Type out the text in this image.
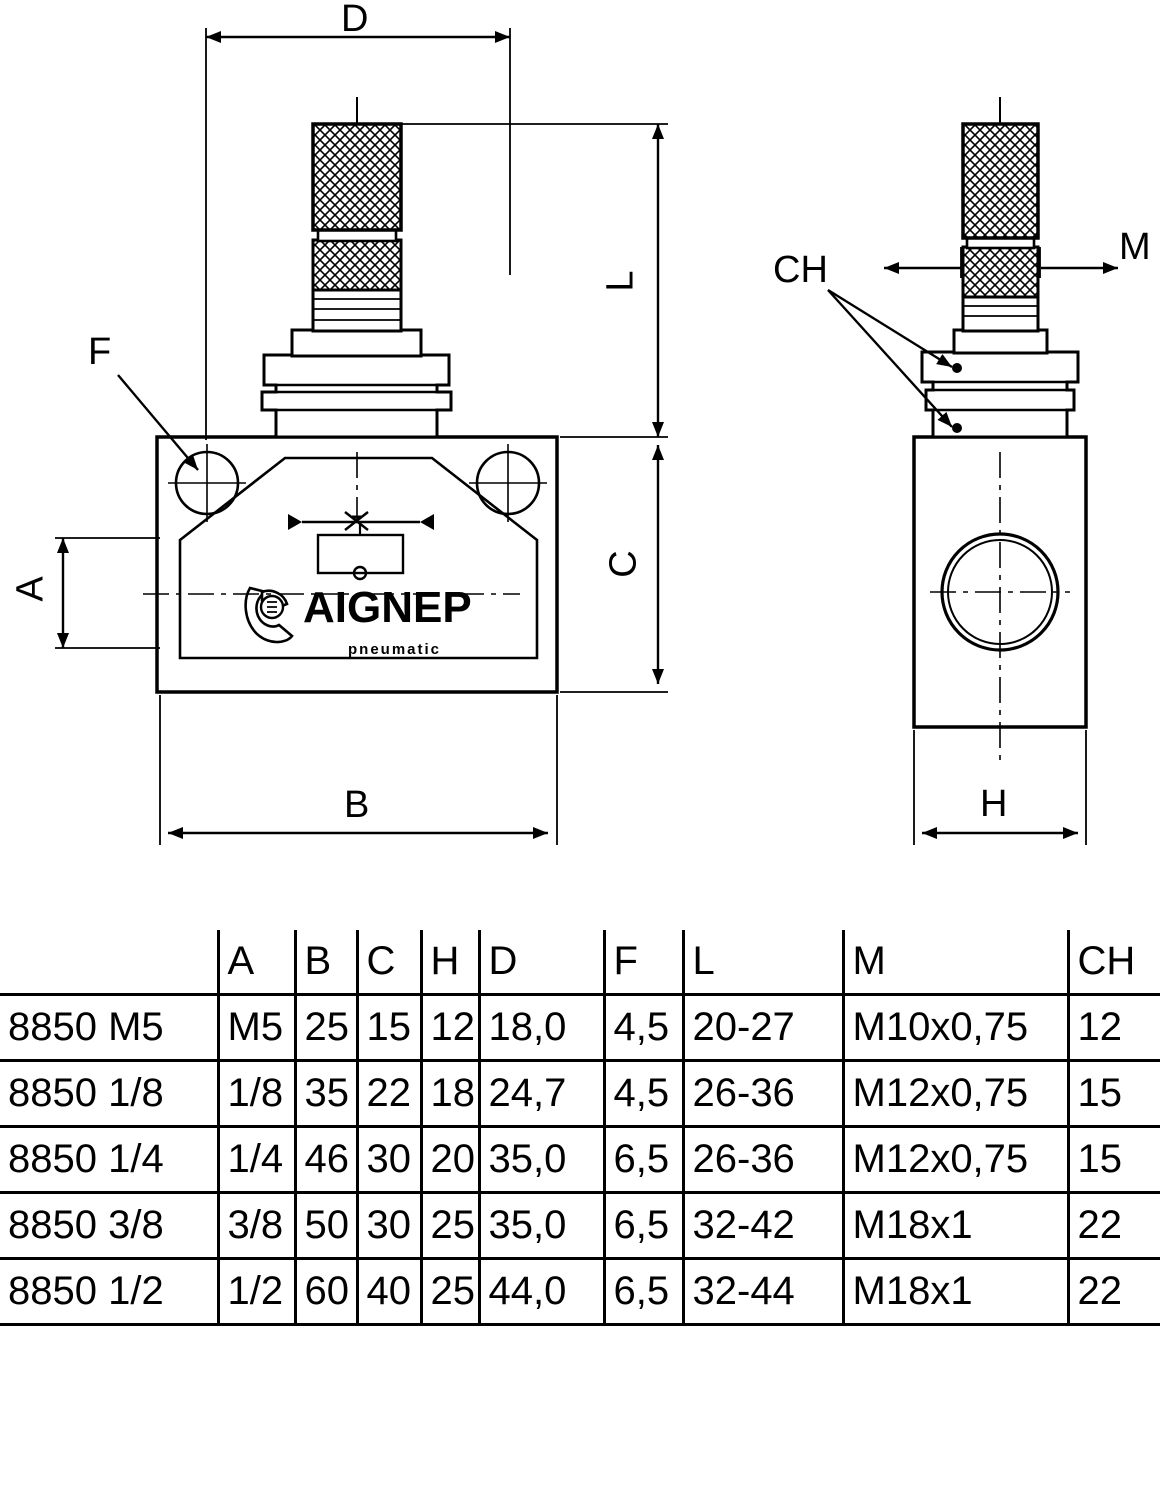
AIGNEP
pneumatic
D
L
C
A
B
F
M
CH
H
	A	B	C	H	D	F	L	M	CH
8850 M5	M5	25	15	12	18,0	4,5	20-27	M10x0,75	12
8850 1/8	1/8	35	22	18	24,7	4,5	26-36	M12x0,75	15
8850 1/4	1/4	46	30	20	35,0	6,5	26-36	M12x0,75	15
8850 3/8	3/8	50	30	25	35,0	6,5	32-42	M18x1	22
8850 1/2	1/2	60	40	25	44,0	6,5	32-44	M18x1	22
